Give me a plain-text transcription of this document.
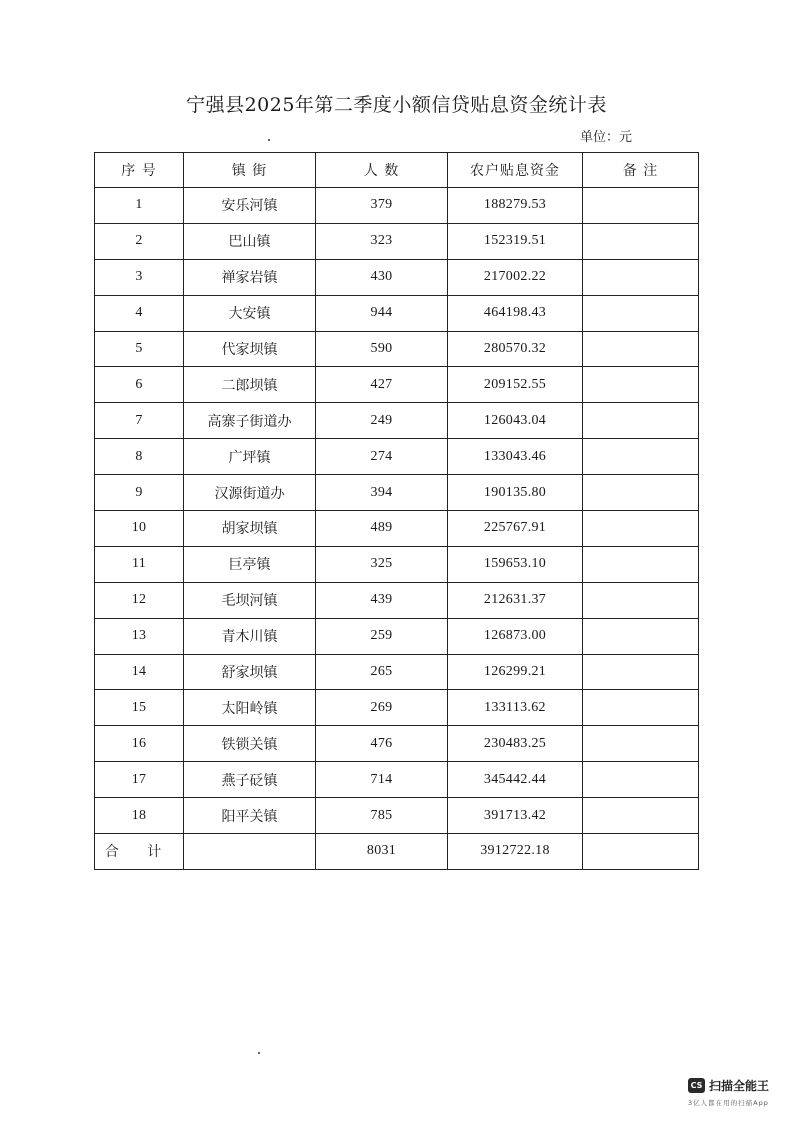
宁强县2025年第二季度小额信贷贴息资金统计表
单位：元
序 号	镇 街	人 数	农户贴息资金	备 注
1	安乐河镇	379	188279.53	
2	巴山镇	323	152319.51	
3	禅家岩镇	430	217002.22	
4	大安镇	944	464198.43	
5	代家坝镇	590	280570.32	
6	二郎坝镇	427	209152.55	
7	高寨子街道办	249	126043.04	
8	广坪镇	274	133043.46	
9	汉源街道办	394	190135.80	
10	胡家坝镇	489	225767.91	
11	巨亭镇	325	159653.10	
12	毛坝河镇	439	212631.37	
13	青木川镇	259	126873.00	
14	舒家坝镇	265	126299.21	
15	太阳岭镇	269	133113.62	
16	铁锁关镇	476	230483.25	
17	燕子砭镇	714	345442.44	
18	阳平关镇	785	391713.42	
合 计		8031	3912722.18	
CS 扫描全能王
3亿人都在用的扫描App
